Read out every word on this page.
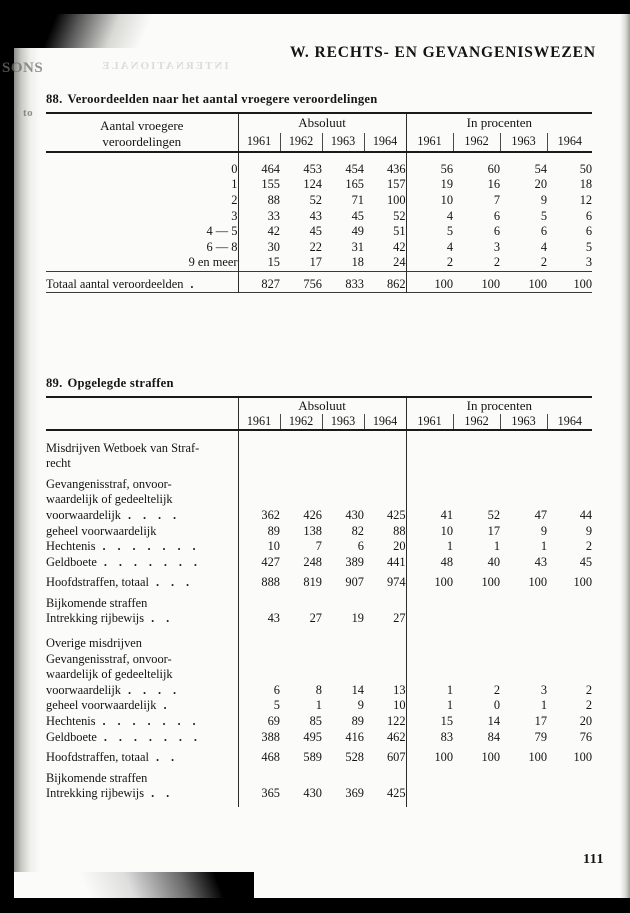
SONS
to
INTERNATIONALE
W. RECHTS- EN GEVANGENISWEZEN
88. Veroordeelden naar het aantal vroegere veroordelingen
Aantal vroegere
veroordelingen	Absoluut				In procenten			
	1961	1962	1963	1964	1961	1962	1963	1964

0	464	453	454	436	56	60	54	50
1	155	124	165	157	19	16	20	18
2	88	52	71	100	10	7	9	12
3	33	43	45	52	4	6	5	6
4 — 5	42	45	49	51	5	6	6	6
6 — 8	30	22	31	42	4	3	4	5
9 en meer	15	17	18	24	2	2	2	3

Totaal aantal veroordeelden .	827	756	833	862	100	100	100	100

89. Opgelegde straffen
	Absoluut				In procenten			
	1961	1962	1963	1964	1961	1962	1963	1964

Misdrijven Wetboek van Straf-								
recht								

Gevangenisstraf, onvoor-								
waardelijk of gedeeltelijk								
voorwaardelijk . . . .	362	426	430	425	41	52	47	44
geheel voorwaardelijk	89	138	82	88	10	17	9	9
Hechtenis . . . . . . .	10	7	6	20	1	1	1	2
Geldboete . . . . . . .	427	248	389	441	48	40	43	45

Hoofdstraffen, totaal . . .	888	819	907	974	100	100	100	100

Bijkomende straffen								
Intrekking rijbewijs . .	43	27	19	27				

Overige misdrijven								
Gevangenisstraf, onvoor-								
waardelijk of gedeeltelijk								
voorwaardelijk . . . .	6	8	14	13	1	2	3	2
geheel voorwaardelijk .	5	1	9	10	1	0	1	2
Hechtenis . . . . . . .	69	85	89	122	15	14	17	20
Geldboete . . . . . . .	388	495	416	462	83	84	79	76

Hoofdstraffen, totaal . .	468	589	528	607	100	100	100	100

Bijkomende straffen								
Intrekking rijbewijs . .	365	430	369	425				

111
